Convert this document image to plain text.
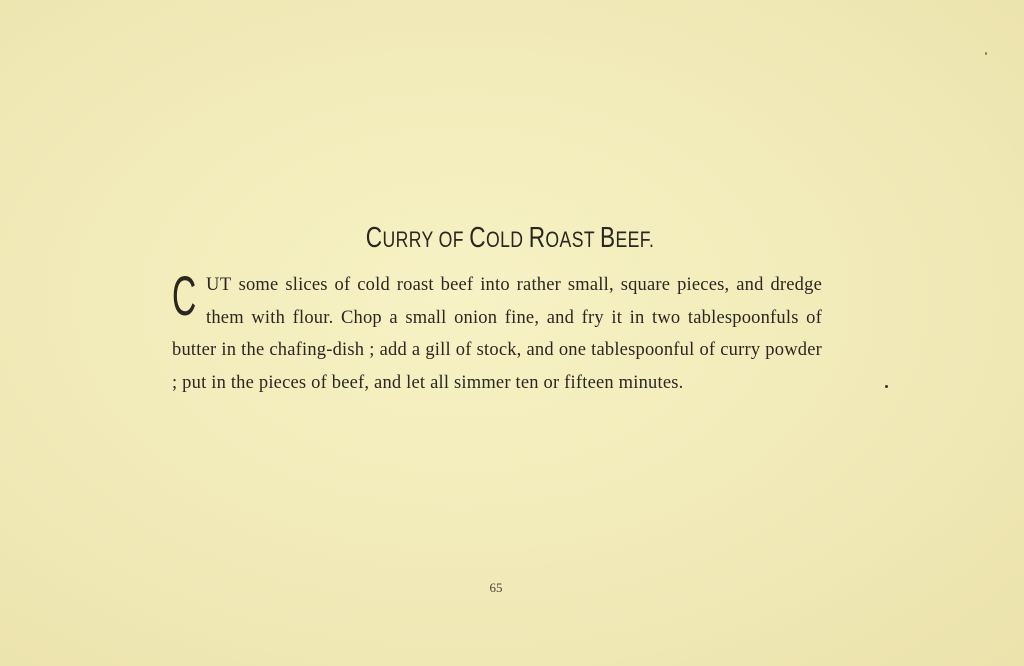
CURRY OF COLD ROAST BEEF.
CUT some slices of cold roast beef into rather small, square pieces, and dredge them with flour. Chop a small onion fine, and fry it in two tablespoonfuls of butter in the chafing-dish ; add a gill of stock, and one tablespoonful of curry powder ; put in the pieces of beef, and let all simmer ten or fifteen minutes.
65
